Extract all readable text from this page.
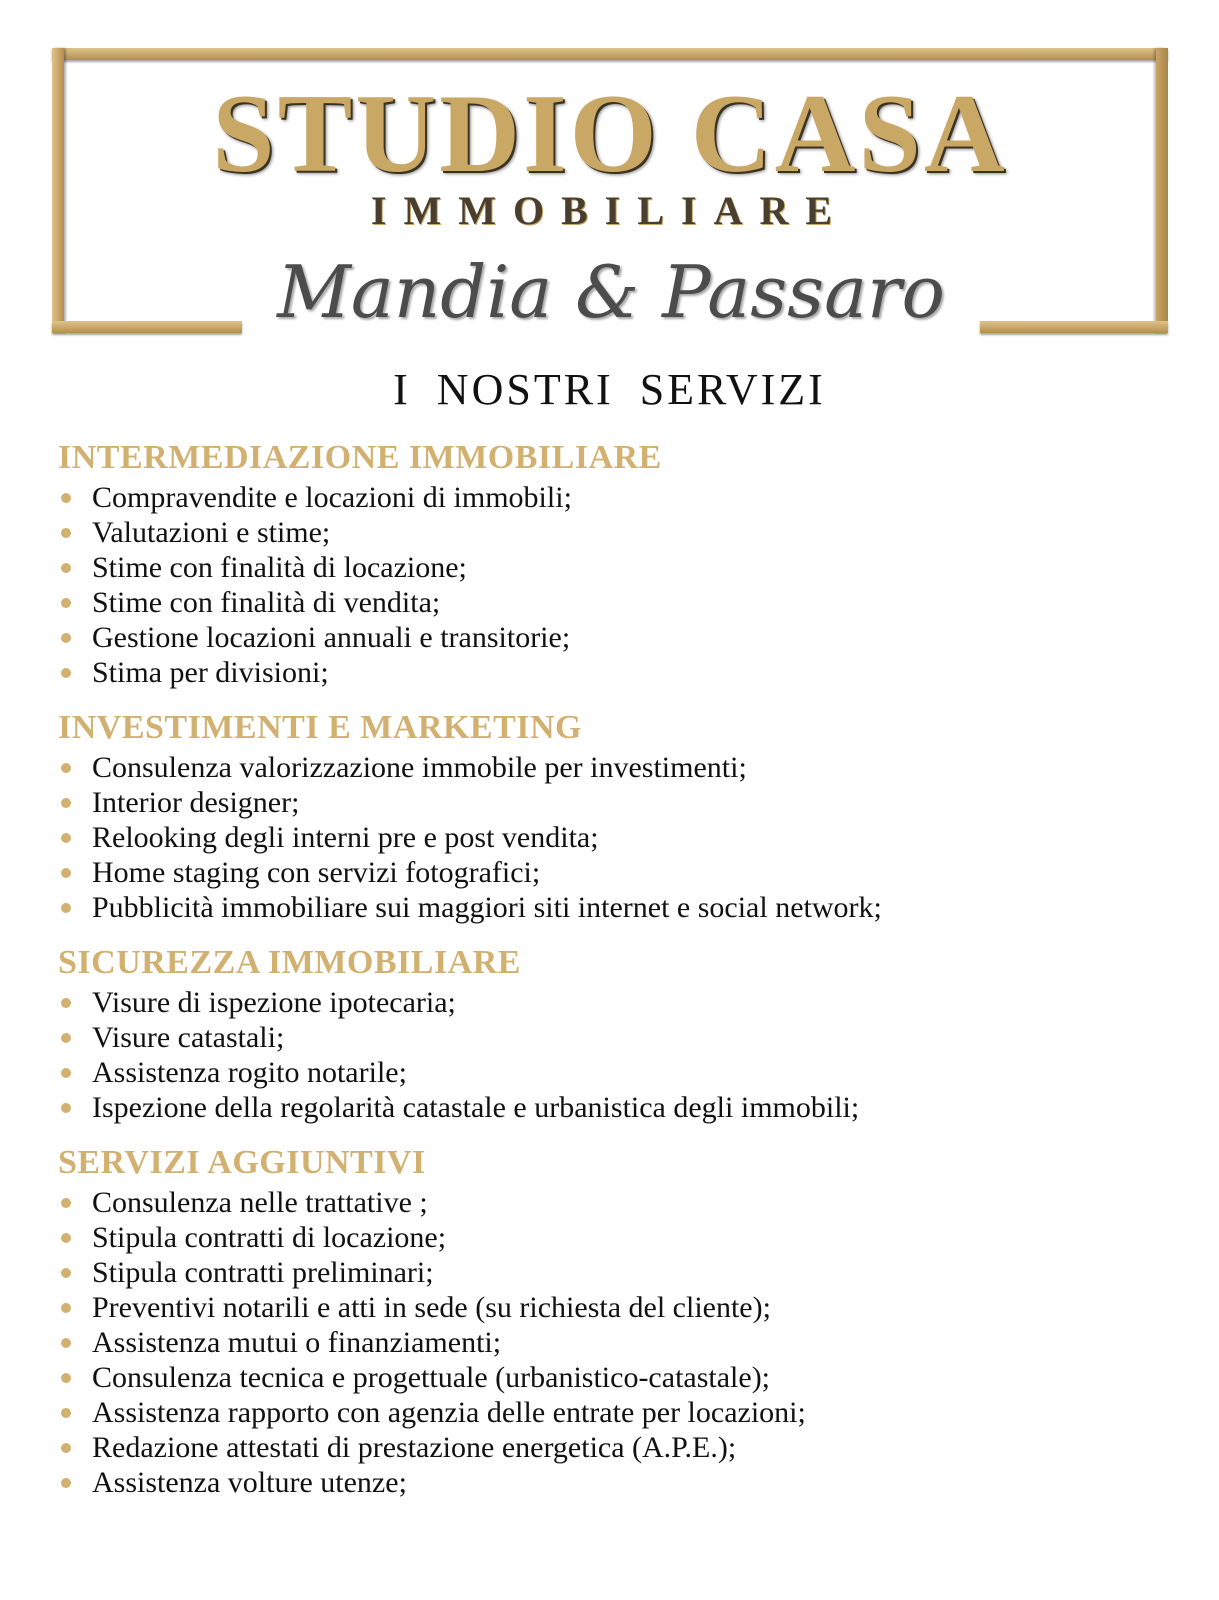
STUDIO CASA
IMMOBILIARE
Mandia & Passaro
I NOSTRI SERVIZI
INTERMEDIAZIONE IMMOBILIARE
Compravendite e locazioni di immobili;
Valutazioni e stime;
Stime con finalità di locazione;
Stime con finalità di vendita;
Gestione locazioni annuali e transitorie;
Stima per divisioni;
INVESTIMENTI E MARKETING
Consulenza valorizzazione immobile per investimenti;
Interior designer;
Relooking degli interni pre e post vendita;
Home staging con servizi fotografici;
Pubblicità immobiliare sui maggiori siti internet e social network;
SICUREZZA IMMOBILIARE
Visure di ispezione ipotecaria;
Visure catastali;
Assistenza rogito notarile;
Ispezione della regolarità catastale e urbanistica degli immobili;
SERVIZI AGGIUNTIVI
Consulenza nelle trattative ;
Stipula contratti di locazione;
Stipula contratti preliminari;
Preventivi notarili e atti in sede (su richiesta del cliente);
Assistenza mutui o finanziamenti;
Consulenza tecnica e progettuale (urbanistico-catastale);
Assistenza rapporto con agenzia delle entrate per locazioni;
Redazione attestati di prestazione energetica (A.P.E.);
Assistenza volture utenze;
